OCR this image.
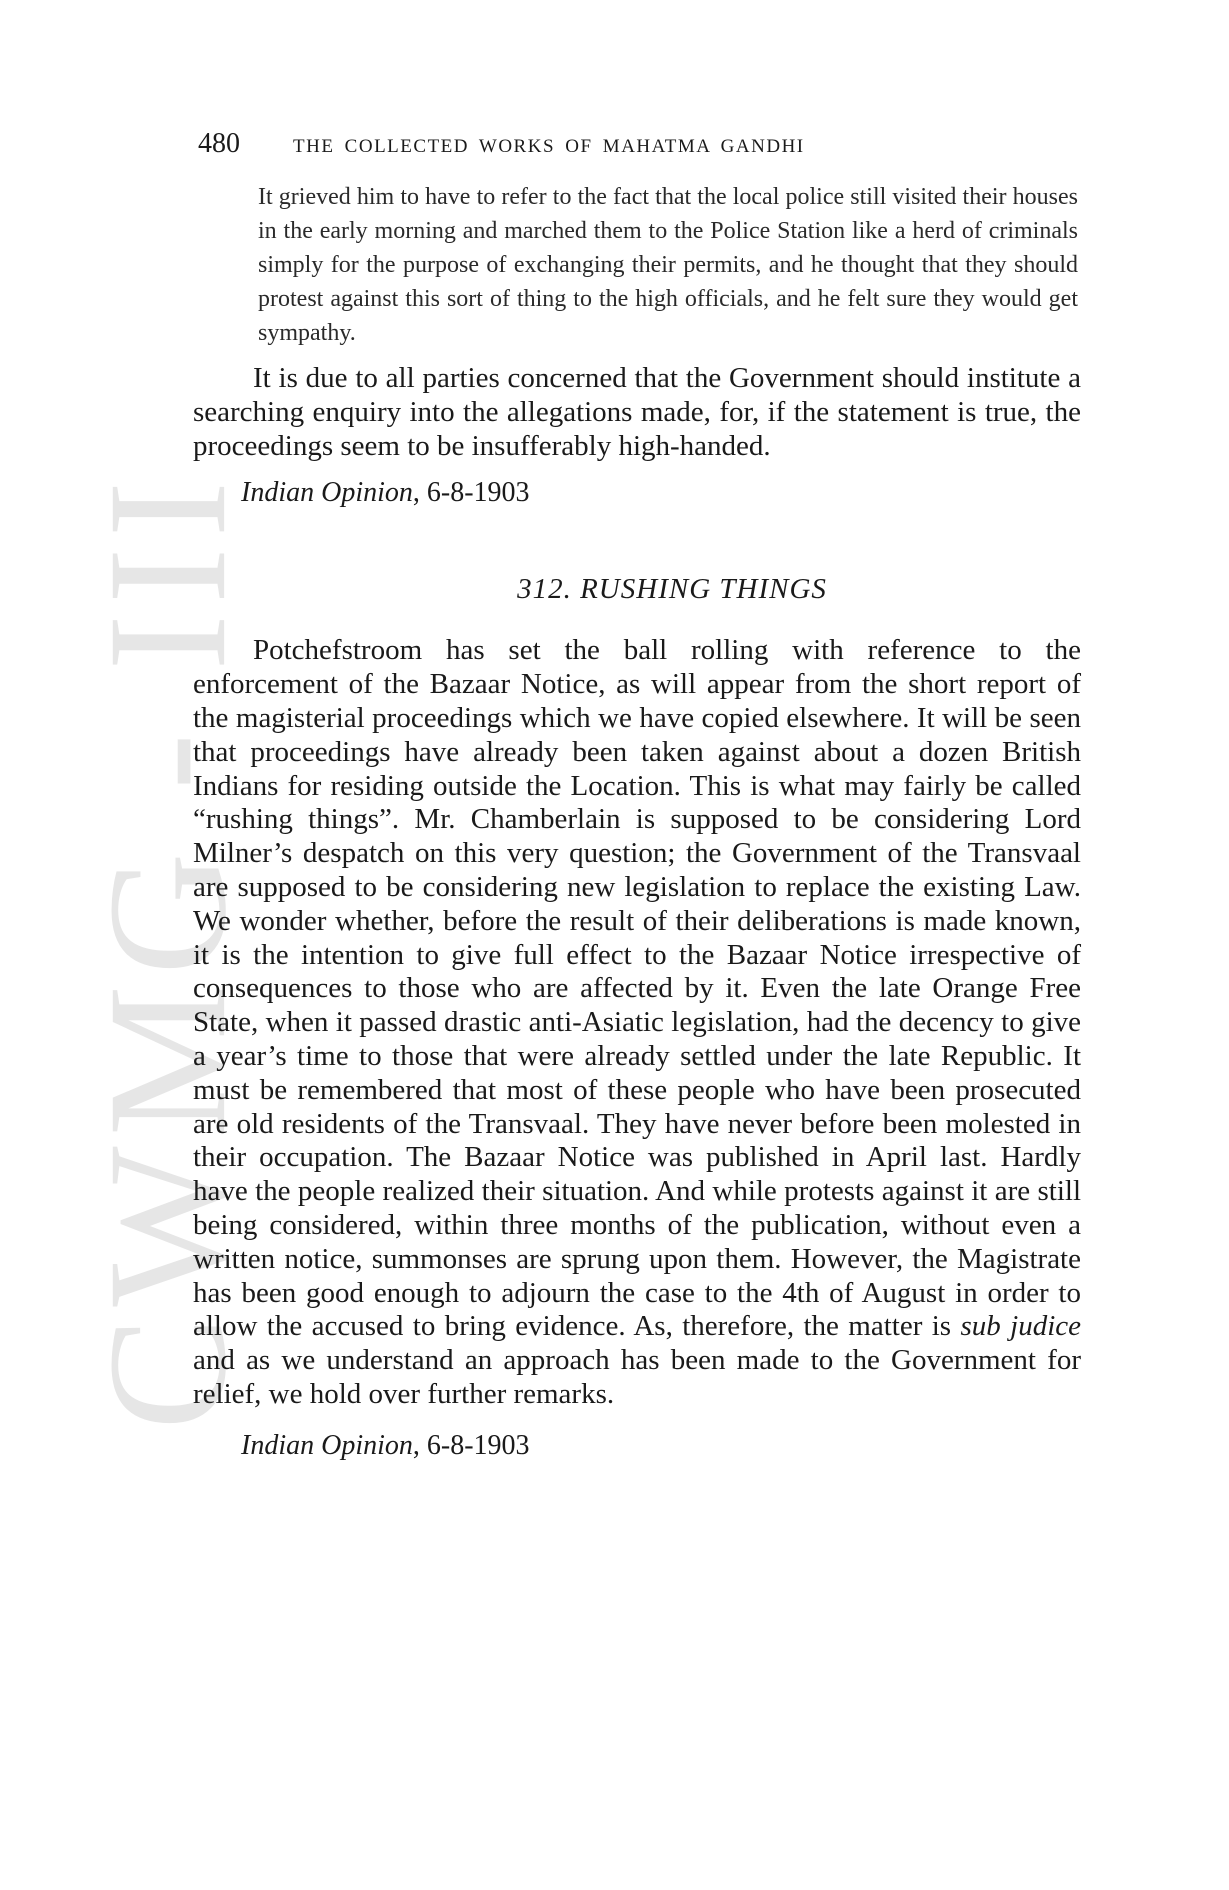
CWMG - III
480	THE COLLECTED WORKS OF MAHATMA GANDHI
It grieved him to have to refer to the fact that the local police still visited their houses in the early morning and marched them to the Police Station like a herd of criminals simply for the purpose of exchanging their permits, and he thought that they should protest against this sort of thing to the high officials, and he felt sure they would get sympathy.

It is due to all parties concerned that the Government should institute a searching enquiry into the allegations made, for, if the statement is true, the proceedings seem to be insufferably high-handed.

Indian Opinion, 6-8-1903
312. RUSHING THINGS

Potchefstroom has set the ball rolling with reference to the enforcement of the Bazaar Notice, as will appear from the short report of the magisterial proceedings which we have copied elsewhere. It will be seen that proceedings have already been taken against about a dozen British Indians for residing outside the Location. This is what may fairly be called “rushing things”. Mr. Chamberlain is supposed to be considering Lord Milner’s despatch on this very question; the Government of the Transvaal are supposed to be considering new legislation to replace the existing Law. We wonder whether, before the result of their deliberations is made known, it is the intention to give full effect to the Bazaar Notice irrespective of consequences to those who are affected by it. Even the late Orange Free State, when it passed drastic anti-Asiatic legislation, had the decency to give a year’s time to those that were already settled under the late Republic. It must be remembered that most of these people who have been prosecuted are old residents of the Transvaal. They have never before been molested in their occupation. The Bazaar Notice was published in April last. Hardly have the people realized their situation. And while protests against it are still being considered, within three months of the publication, without even a written notice, summonses are sprung upon them. However, the Magistrate has been good enough to adjourn the case to the 4th of August in order to allow the accused to bring evidence. As, therefore, the matter is sub judice and as we understand an approach has been made to the Government for relief, we hold over further remarks.

Indian Opinion, 6-8-1903
